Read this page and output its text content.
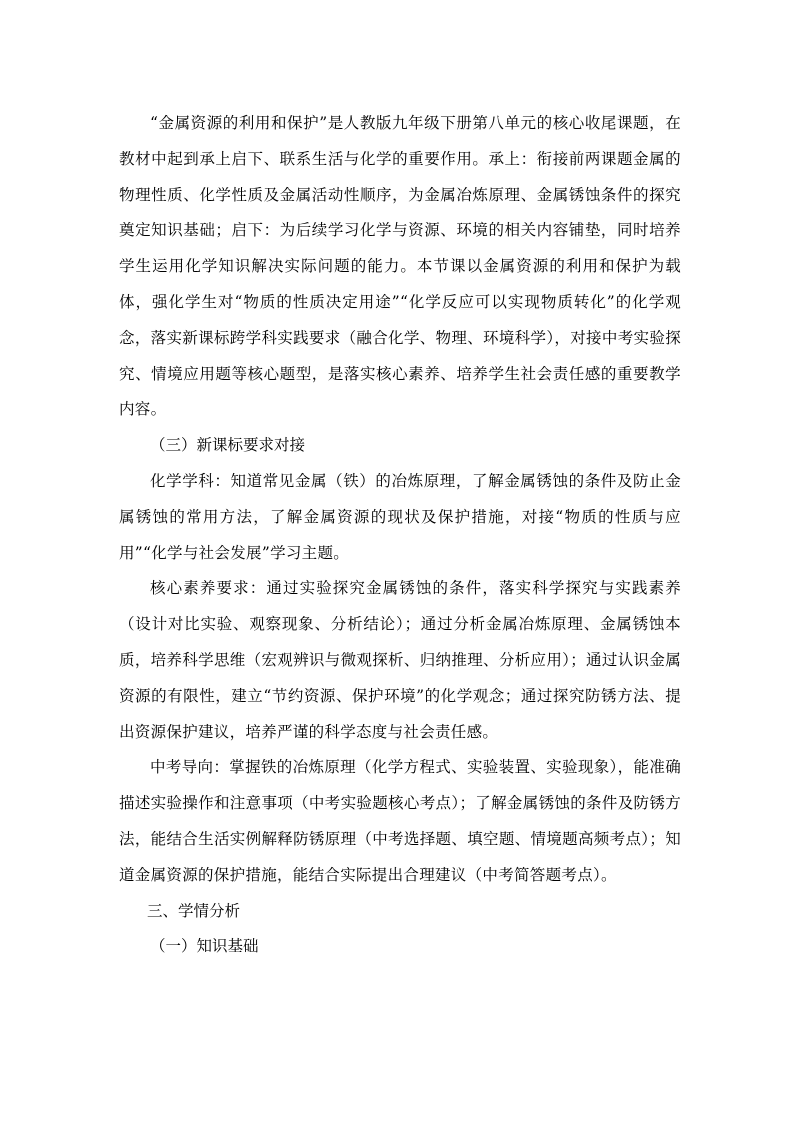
“金属资源的利用和保护”是人教版九年级下册第八单元的核心收尾课题，在教材中起到承上启下、联系生活与化学的重要作用。承上：衔接前两课题金属的物理性质、化学性质及金属活动性顺序，为金属冶炼原理、金属锈蚀条件的探究奠定知识基础；启下：为后续学习化学与资源、环境的相关内容铺垫，同时培养学生运用化学知识解决实际问题的能力。本节课以金属资源的利用和保护为载体，强化学生对“物质的性质决定用途”“化学反应可以实现物质转化”的化学观念，落实新课标跨学科实践要求（融合化学、物理、环境科学），对接中考实验探究、情境应用题等核心题型，是落实核心素养、培养学生社会责任感的重要教学内容。

（三）新课标要求对接

化学学科：知道常见金属（铁）的冶炼原理，了解金属锈蚀的条件及防止金属锈蚀的常用方法，了解金属资源的现状及保护措施，对接“物质的性质与应用”“化学与社会发展”学习主题。

核心素养要求：通过实验探究金属锈蚀的条件，落实科学探究与实践素养（设计对比实验、观察现象、分析结论）；通过分析金属冶炼原理、金属锈蚀本质，培养科学思维（宏观辨识与微观探析、归纳推理、分析应用）；通过认识金属资源的有限性，建立“节约资源、保护环境”的化学观念；通过探究防锈方法、提出资源保护建议，培养严谨的科学态度与社会责任感。

中考导向：掌握铁的冶炼原理（化学方程式、实验装置、实验现象），能准确描述实验操作和注意事项（中考实验题核心考点）；了解金属锈蚀的条件及防锈方法，能结合生活实例解释防锈原理（中考选择题、填空题、情境题高频考点）；知道金属资源的保护措施，能结合实际提出合理建议（中考简答题考点）。

三、学情分析

（一）知识基础
